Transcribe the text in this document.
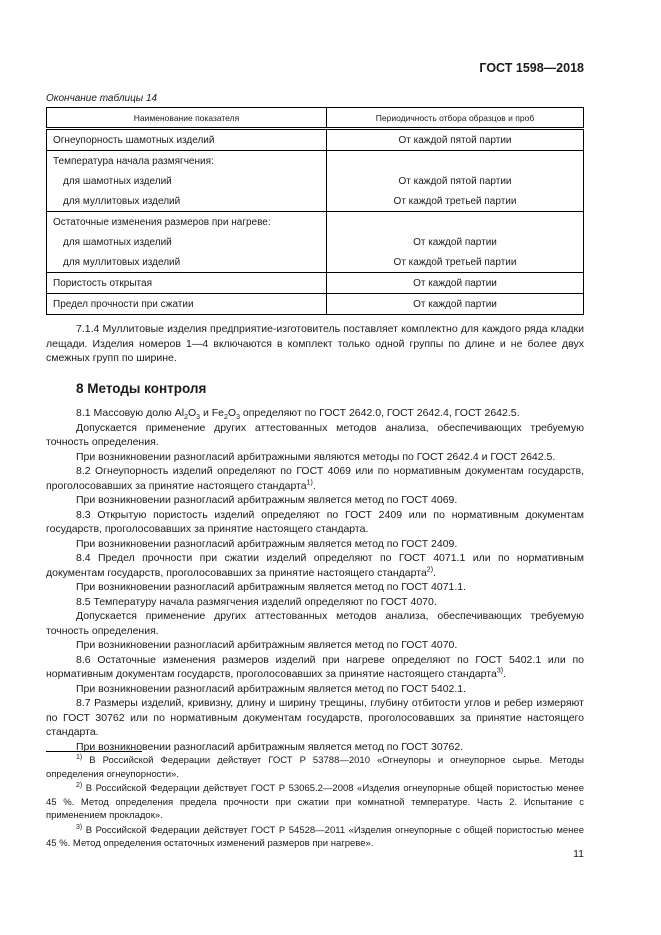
ГОСТ 1598—2018
Окончание таблицы 14
Наименование показателя	Периодичность отбора образцов и проб
Огнеупорность шамотных изделий	От каждой пятой партии
Температура начала размягчения:	
для шамотных изделий	От каждой пятой партии
для муллитовых изделий	От каждой третьей партии
Остаточные изменения размеров при нагреве:	
для шамотных изделий	От каждой партии
для муллитовых изделий	От каждой третьей партии
Пористость открытая	От каждой партии
Предел прочности при сжатии	От каждой партии

7.1.4 Муллитовые изделия предприятие-изготовитель поставляет комплектно для каждого ряда кладки лещади. Изделия номеров 1—4 включаются в комплект только одной группы по длине и не более двух смежных групп по ширине.

8 Методы контроля

8.1 Массовую долю $Al_2O_3$ и $Fe_2O_3$ определяют по ГОСТ 2642.0, ГОСТ 2642.4, ГОСТ 2642.5.

Допускается применение других аттестованных методов анализа, обеспечивающих требуемую точность определения.

При возникновении разногласий арбитражными являются методы по ГОСТ 2642.4 и ГОСТ 2642.5.

8.2 Огнеупорность изделий определяют по ГОСТ 4069 или по нормативным документам государств, проголосовавших за принятие настоящего стандарта$^{1)}$.

При возникновении разногласий арбитражным является метод по ГОСТ 4069.

8.3 Открытую пористость изделий определяют по ГОСТ 2409 или по нормативным документам государств, проголосовавших за принятие настоящего стандарта.

При возникновении разногласий арбитражным является метод по ГОСТ 2409.

8.4 Предел прочности при сжатии изделий определяют по ГОСТ 4071.1 или по нормативным документам государств, проголосовавших за принятие настоящего стандарта$^{2)}$.

При возникновении разногласий арбитражным является метод по ГОСТ 4071.1.

8.5 Температуру начала размягчения изделий определяют по ГОСТ 4070.

Допускается применение других аттестованных методов анализа, обеспечивающих требуемую точность определения.

При возникновении разногласий арбитражным является метод по ГОСТ 4070.

8.6 Остаточные изменения размеров изделий при нагреве определяют по ГОСТ 5402.1 или по нормативным документам государств, проголосовавших за принятие настоящего стандарта$^{3)}$.

При возникновении разногласий арбитражным является метод по ГОСТ 5402.1.

8.7 Размеры изделий, кривизну, длину и ширину трещины, глубину отбитости углов и ребер измеряют по ГОСТ 30762 или по нормативным документам государств, проголосовавших за принятие настоящего стандарта.

При возникновении разногласий арбитражным является метод по ГОСТ 30762.

$^{1)}$ В Российской Федерации действует ГОСТ Р 53788—2010 «Огнеупоры и огнеупорное сырье. Методы определения огнеупорности».

$^{2)}$ В Российской Федерации действует ГОСТ Р 53065.2—2008 «Изделия огнеупорные общей пористостью менее 45 %. Метод определения предела прочности при сжатии при комнатной температуре. Часть 2. Испытание с применением прокладок».

$^{3)}$ В Российской Федерации действует ГОСТ Р 54528—2011 «Изделия огнеупорные с общей пористостью менее 45 %. Метод определения остаточных изменений размеров при нагреве».

11
